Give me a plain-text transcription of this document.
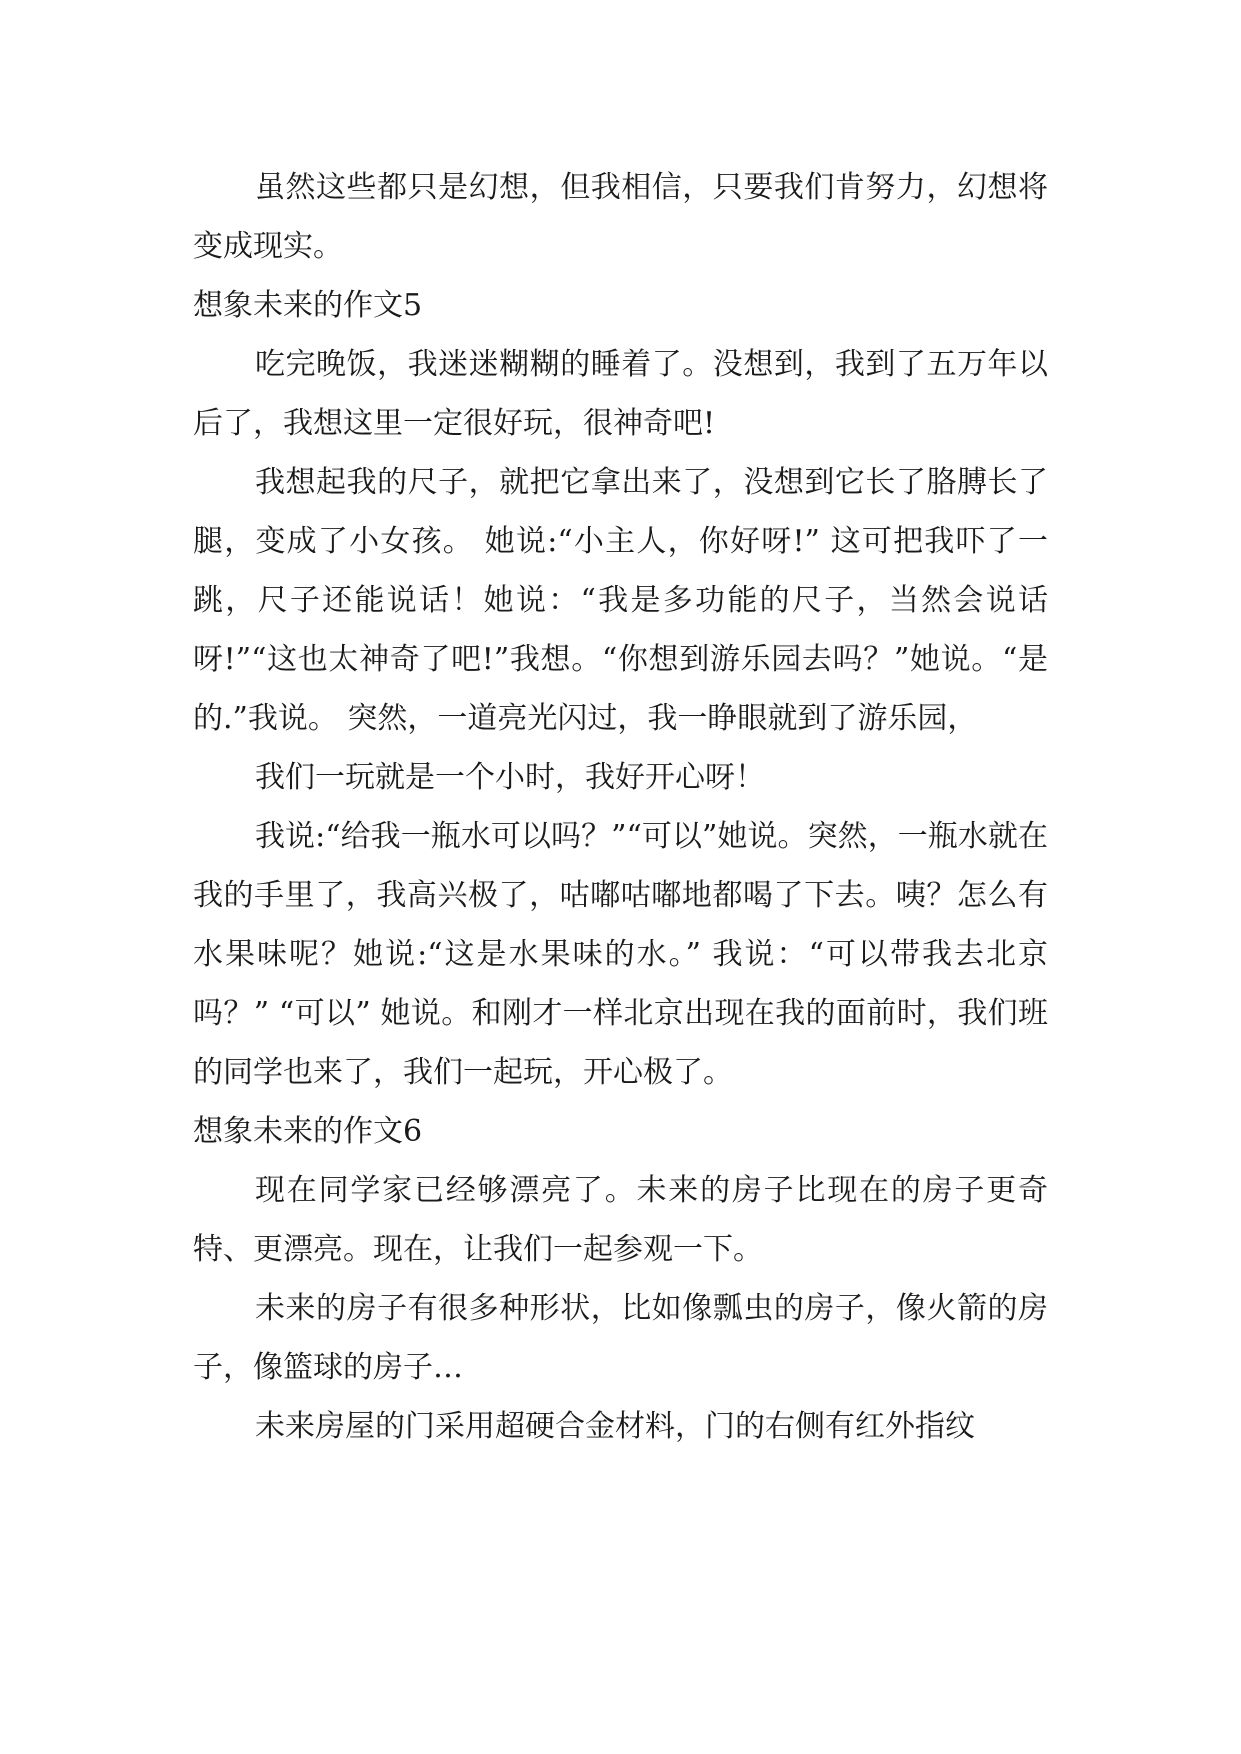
虽然这些都只是幻想，但我相信，只要我们肯努力，幻想将变成现实。

想象未来的作文5

吃完晚饭，我迷迷糊糊的睡着了。没想到，我到了五万年以后了，我想这里一定很好玩，很神奇吧!

我想起我的尺子，就把它拿出来了，没想到它长了胳膊长了腿，变成了小女孩。 她说:“小主人，你好呀!” 这可把我吓了一跳，尺子还能说话！她说：“我是多功能的尺子，当然会说话呀!”“这也太神奇了吧!”我想。“你想到游乐园去吗？”她说。“是的.”我说。 突然，一道亮光闪过，我一睁眼就到了游乐园，

我们一玩就是一个小时，我好开心呀！

我说:“给我一瓶水可以吗？”“可以”她说。突然，一瓶水就在我的手里了，我高兴极了，咕嘟咕嘟地都喝了下去。咦？怎么有水果味呢？她说:“这是水果味的水。” 我说：“可以带我去北京吗？” “可以” 她说。和刚才一样北京出现在我的面前时，我们班的同学也来了，我们一起玩，开心极了。

想象未来的作文6

现在同学家已经够漂亮了。未来的房子比现在的房子更奇特、更漂亮。现在，让我们一起参观一下。

未来的房子有很多种形状，比如像瓢虫的房子，像火箭的房子，像篮球的房子…

未来房屋的门采用超硬合金材料，门的右侧有红外指纹
